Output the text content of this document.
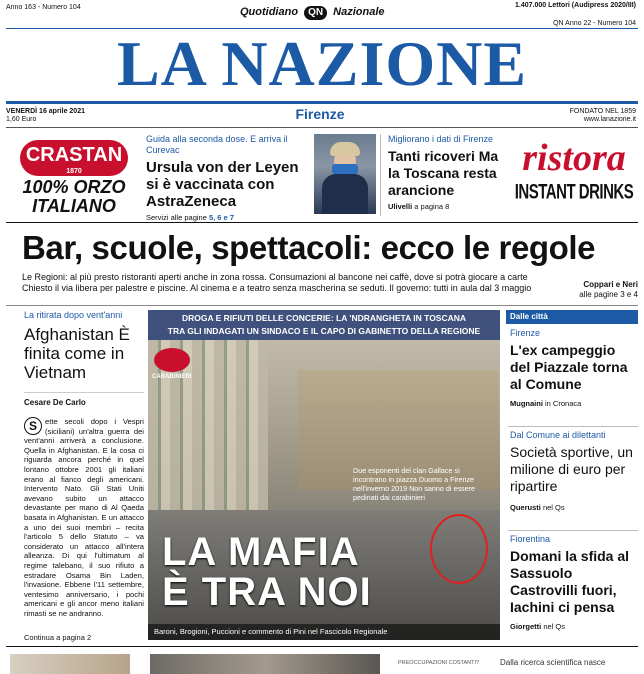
Anno 163 - Numero 104	Quotidiano QN Nazionale
1.407.000 Lettori (Audipress 2020/III)
QN Anno 22 - Numero 104
LA NAZIONE
VENERDÌ 16 aprile 2021
1,60 Euro	Firenze	FONDATO NEL 1859
www.lanazione.it
CRASTAN
1870
100% ORZO
ITALIANO
Guida alla seconda dose. E arriva il Curevac
Ursula von der Leyen si è vaccinata con AstraZeneca
Servizi alle pagine 5, 6 e 7
Migliorano i dati di Firenze
Tanti ricoveri Ma la Toscana resta arancione
Ulivelli a pagina 8
ristora
INSTANT DRINKS
Bar, scuole, spettacoli: ecco le regole
Le Regioni: al più presto ristoranti aperti anche in zona rossa. Consumazioni al bancone nei caffè, dove si potrà giocare a carte Chiesto il via libera per palestre e piscine. Al cinema e a teatro senza mascherina se seduti. Il governo: tutti in aula dal 3 maggio	Coppari e Neri
alle pagine 3 e 4
La ritirata dopo vent'anni
Afghanistan È finita come in Vietnam
Cesare De Carlo
S	ette secoli dopo i Vespri (siciliani) un'altra guerra dei vent'anni arriverà a conclusione. Quella in Afghanistan. E la cosa ci riguarda ancora perché in quel lontano ottobre 2001 gli italiani erano al fianco degli americani. Intervento Nato. Gli Stati Uniti avevano subito un attacco devastante per mano di Al Qaeda basata in Afghanistan. E un attacco a uno dei suoi membri – recita l'articolo 5 dello Statuto – va considerato un attacco all'intera alleanza. Di qui l'ultimatum al regime talebano, il suo rifiuto a estradare Osama Bin Laden, l'invasione. Ebbene l'11 settembre, ventesimo anniversario, i pochi americani e gli ancor meno italiani rimasti se ne andranno.
Continua a pagina 2
DROGA E RIFIUTI DELLE CONCERIE: LA 'NDRANGHETA IN TOSCANA
TRA GLI INDAGATI UN SINDACO E IL CAPO DI GABINETTO DELLA REGIONE
CARABINIERI
Due esponenti del clan Gallace si incontrano in piazza Duomo a Firenze nell'inverno 2019 Non sanno di essere pedinati dai carabinieri
LA MAFIA
È TRA NOI
Baroni, Brogioni, Puccioni e commento di Pini nel Fascicolo Regionale
Dalle città
Firenze
L'ex campeggio del Piazzale torna al Comune
Mugnaini in Cronaca
Dal Comune ai dilettanti
Società sportive, un milione di euro per ripartire
Querusti nel Qs
Fiorentina
Domani la sfida al Sassuolo Castrovilli fuori, Iachini ci pensa
Giorgetti nel Qs
PREOCCUPAZIONI COSTANTI?	Dalla ricerca scientifica nasce
